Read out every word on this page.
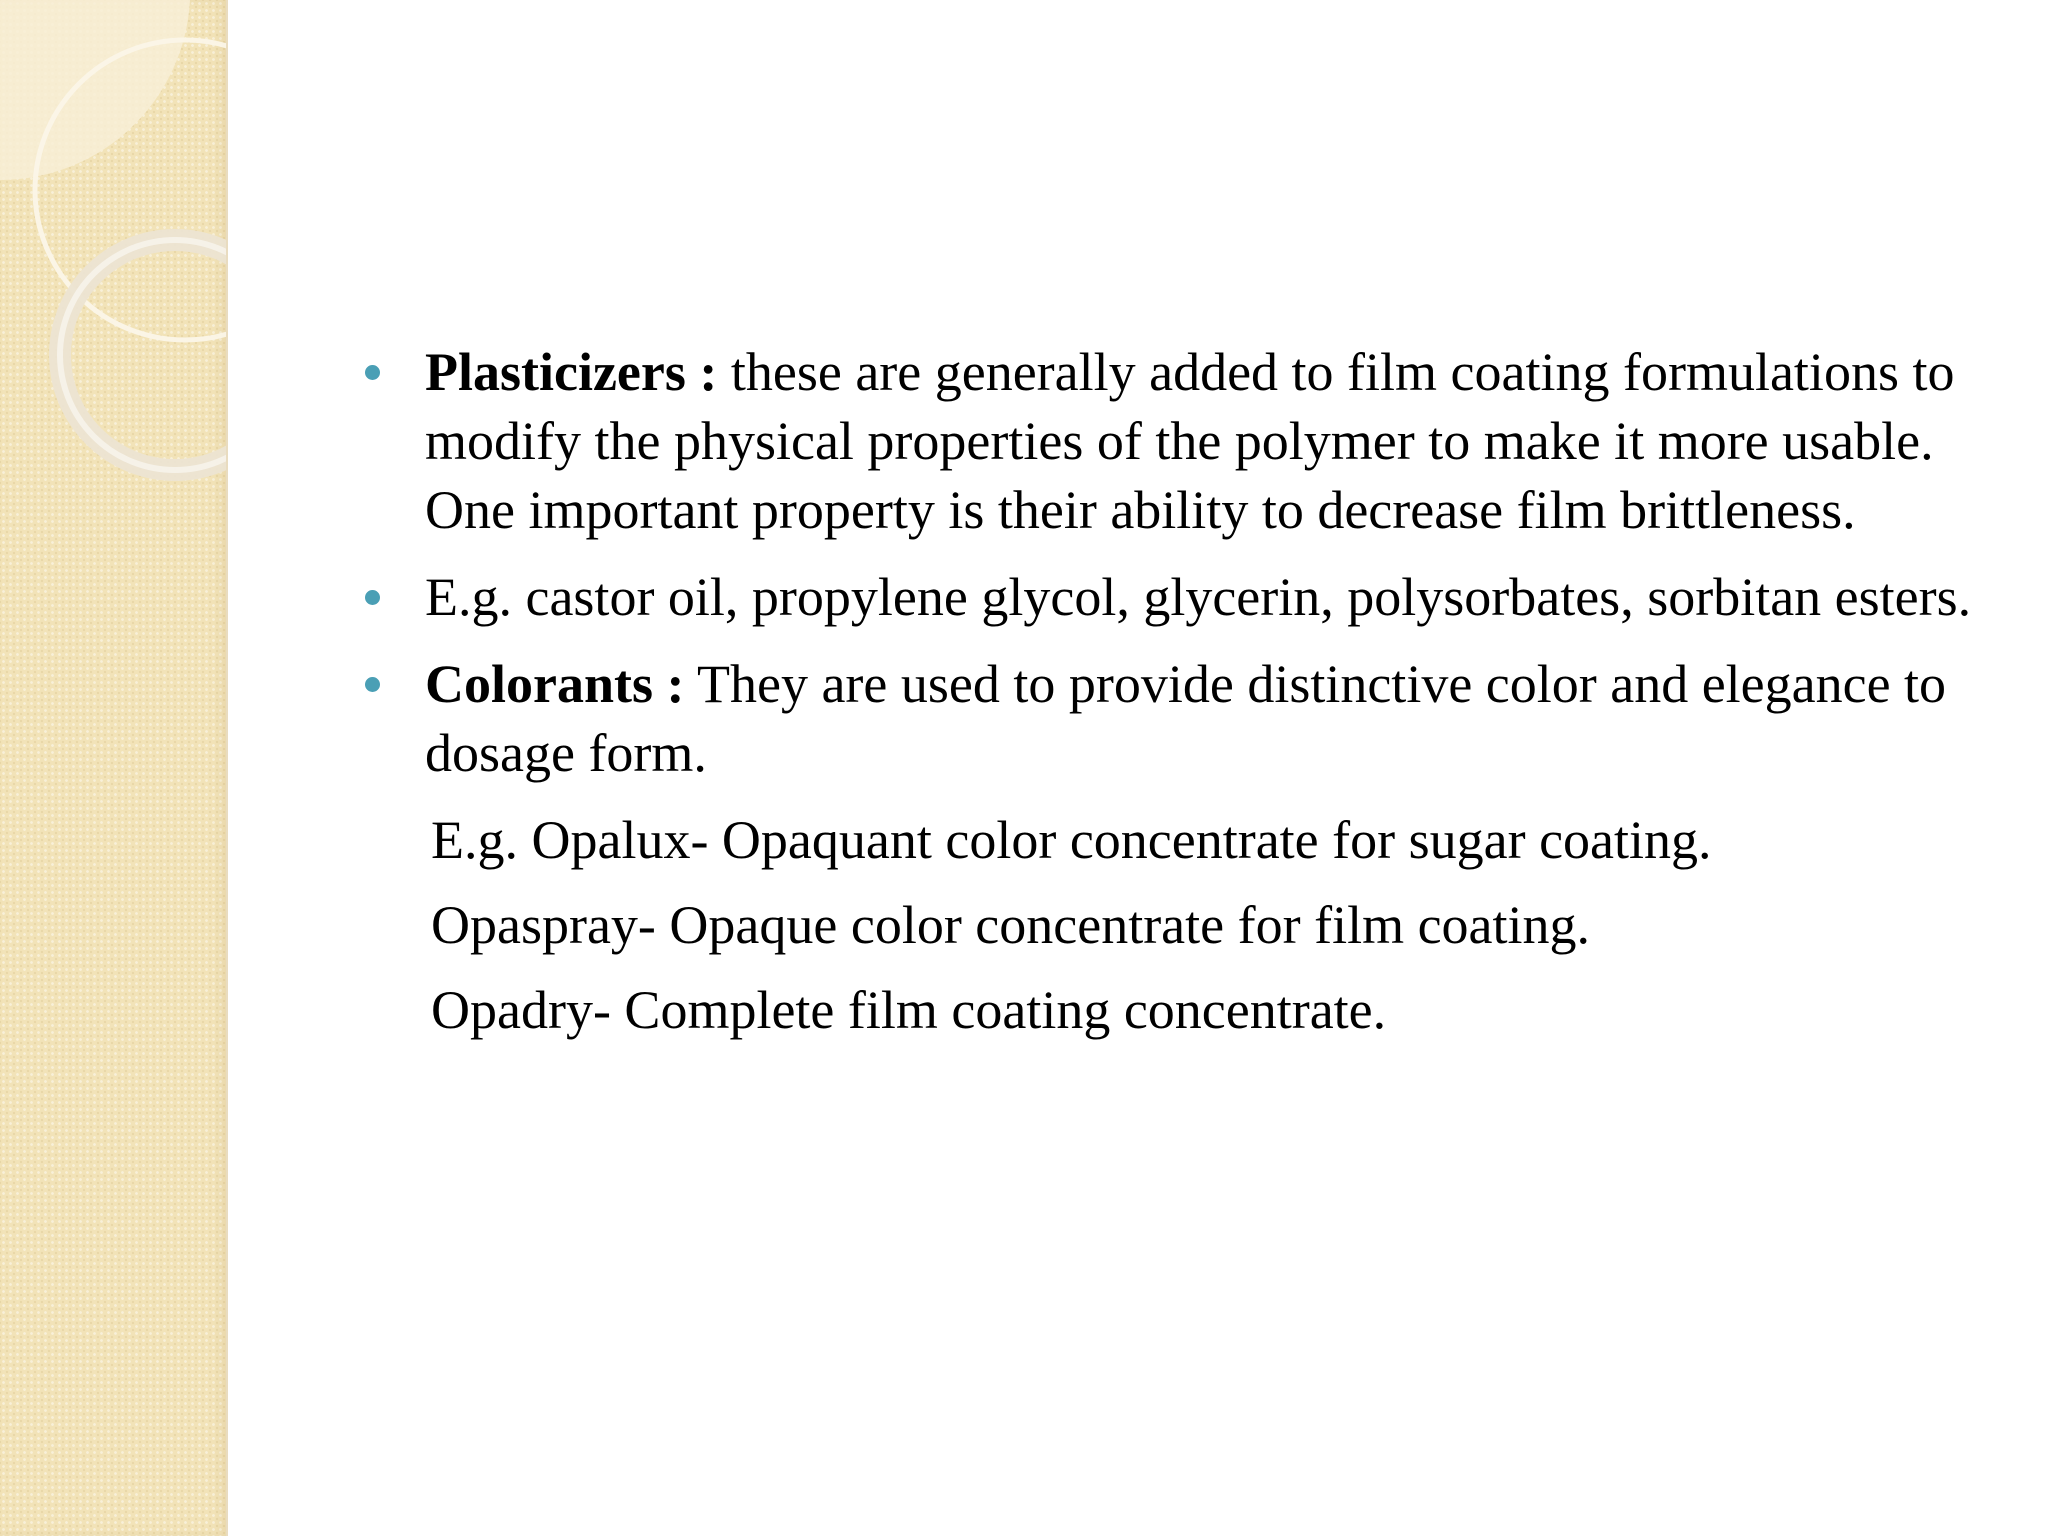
Plasticizers : these are generally added to film coating formulations to modify the physical properties of the polymer to make it more usable. One important property is their ability to decrease film brittleness.
E.g. castor oil, propylene glycol, glycerin, polysorbates, sorbitan esters.
Colorants : They are used to provide distinctive color and elegance to dosage form.
E.g. Opalux- Opaquant color concentrate for sugar coating.
Opaspray- Opaque color concentrate for film coating.
Opadry- Complete film coating concentrate.
